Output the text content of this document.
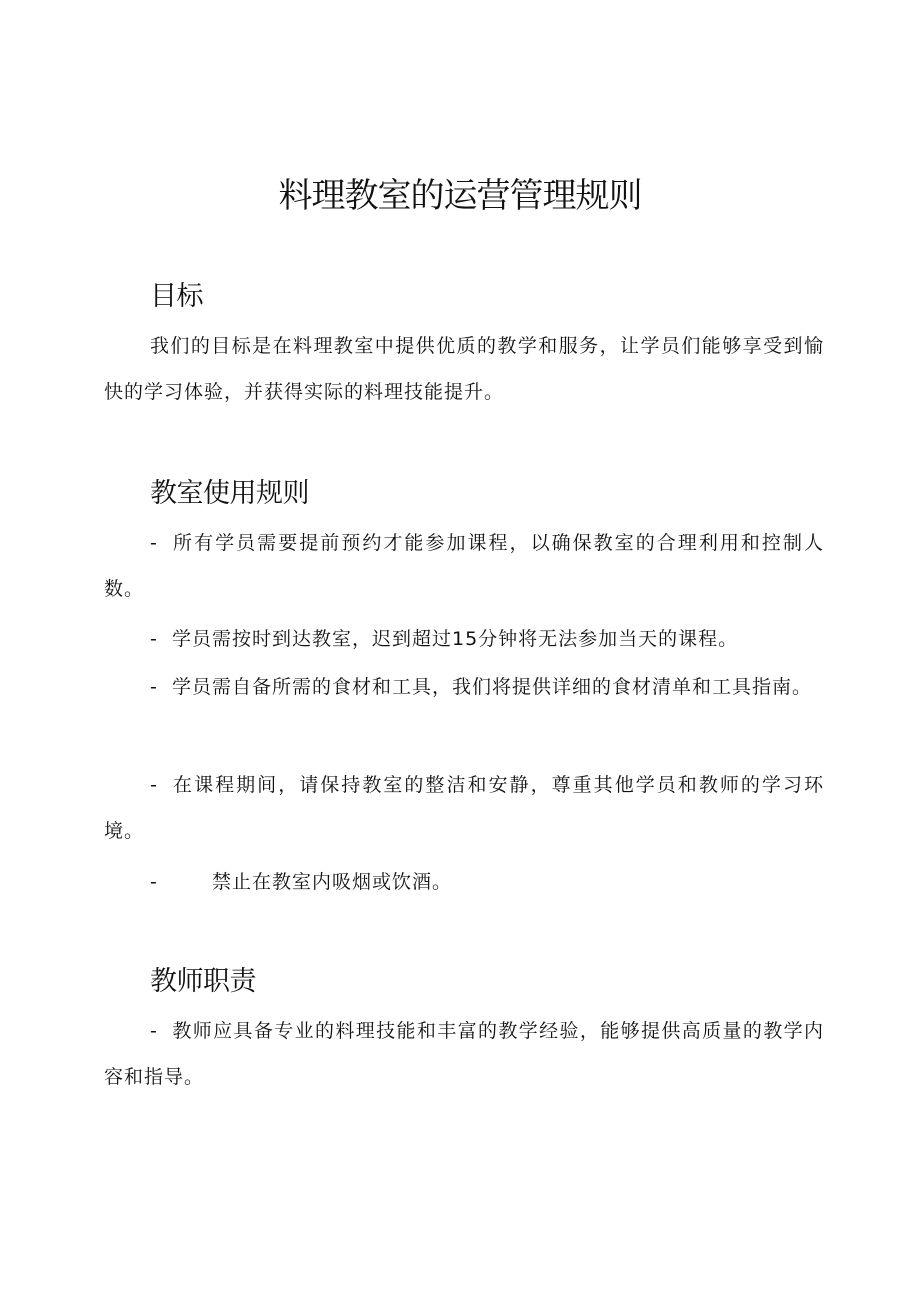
料理教室的运营管理规则
目标

我们的目标是在料理教室中提供优质的教学和服务，让学员们能够享受到愉快的学习体验，并获得实际的料理技能提升。

教室使用规则

- 所有学员需要提前预约才能参加课程，以确保教室的合理利用和控制人数。

- 学员需按时到达教室，迟到超过15分钟将无法参加当天的课程。

- 学员需自备所需的食材和工具，我们将提供详细的食材清单和工具指南。

- 在课程期间，请保持教室的整洁和安静，尊重其他学员和教师的学习环境。

-	禁止在教室内吸烟或饮酒。

教师职责

- 教师应具备专业的料理技能和丰富的教学经验，能够提供高质量的教学内容和指导。
